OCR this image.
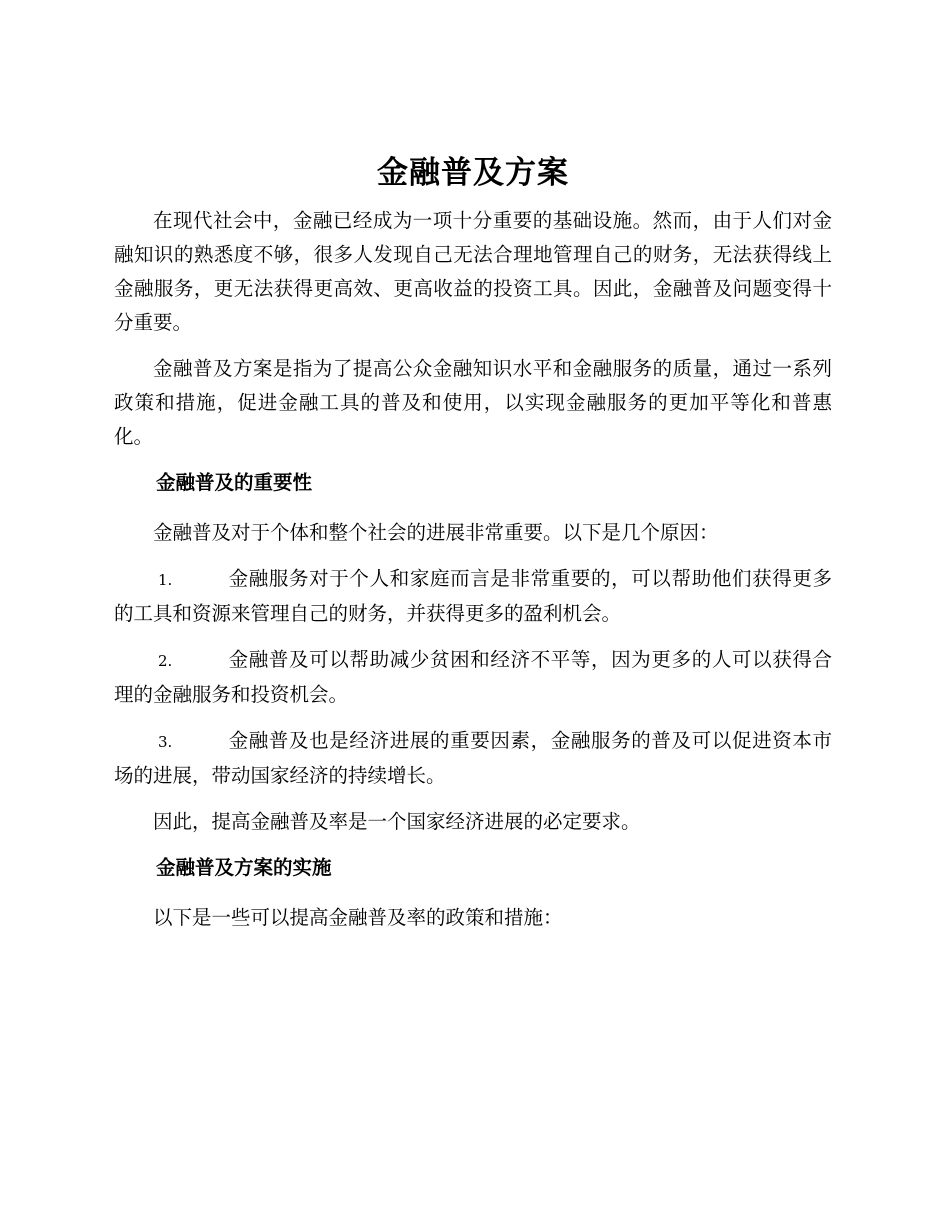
金融普及方案

在现代社会中，金融已经成为一项十分重要的基础设施。然而，由于人们对金融知识的熟悉度不够，很多人发现自己无法合理地管理自己的财务，无法获得线上金融服务，更无法获得更高效、更高收益的投资工具。因此，金融普及问题变得十分重要。

金融普及方案是指为了提高公众金融知识水平和金融服务的质量，通过一系列政策和措施，促进金融工具的普及和使用，以实现金融服务的更加平等化和普惠化。

金融普及的重要性

金融普及对于个体和整个社会的进展非常重要。以下是几个原因：

1.	金融服务对于个人和家庭而言是非常重要的，可以帮助他们获得更多的工具和资源来管理自己的财务，并获得更多的盈利机会。

2.	金融普及可以帮助减少贫困和经济不平等，因为更多的人可以获得合理的金融服务和投资机会。

3.	金融普及也是经济进展的重要因素，金融服务的普及可以促进资本市场的进展，带动国家经济的持续增长。

因此，提高金融普及率是一个国家经济进展的必定要求。

金融普及方案的实施

以下是一些可以提高金融普及率的政策和措施：
